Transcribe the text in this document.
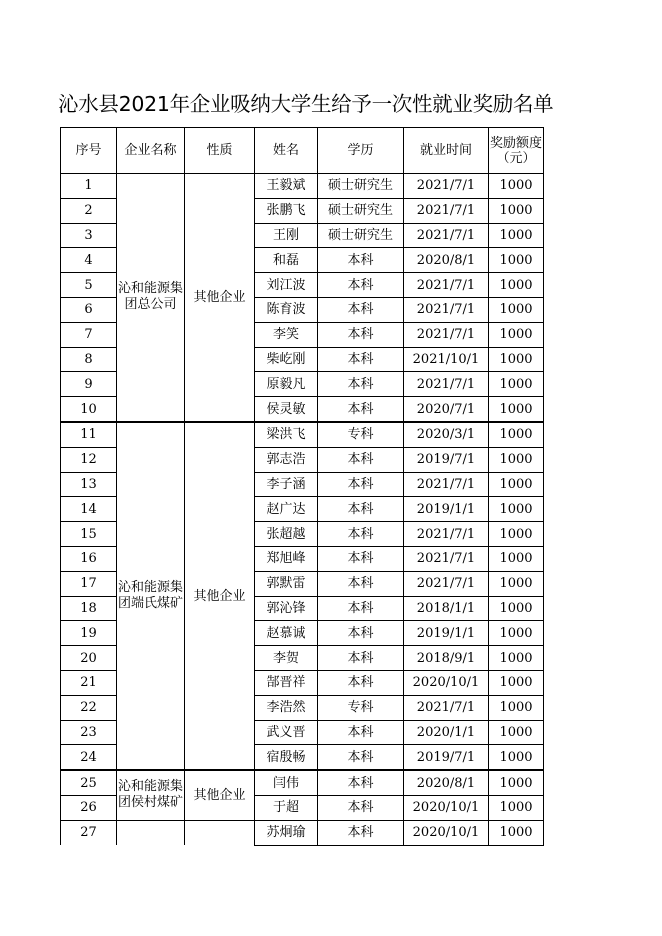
沁水县2021年企业吸纳大学生给予一次性就业奖励名单
序号	企业名称	性质	姓名	学历	就业时间	奖励额度（元）

1	沁和能源集团总公司	其他企业	王毅斌	硕士研究生	2021/7/1	1000
2			张鹏飞	硕士研究生	2021/7/1	1000
3			王刚	硕士研究生	2021/7/1	1000
4			和磊	本科	2020/8/1	1000
5			刘江波	本科	2021/7/1	1000
6			陈育波	本科	2021/7/1	1000
7			李笑	本科	2021/7/1	1000
8			柴屹刚	本科	2021/10/1	1000
9			原毅凡	本科	2021/7/1	1000
10			侯灵敏	本科	2020/7/1	1000
11	沁和能源集团端氏煤矿	其他企业	梁洪飞	专科	2020/3/1	1000
12			郭志浩	本科	2019/7/1	1000
13			李子涵	本科	2021/7/1	1000
14			赵广达	本科	2019/1/1	1000
15			张超越	本科	2021/7/1	1000
16			郑旭峰	本科	2021/7/1	1000
17			郭默雷	本科	2021/7/1	1000
18			郭沁锋	本科	2018/1/1	1000
19			赵慕诚	本科	2019/1/1	1000
20			李贺	本科	2018/9/1	1000
21			郜晋祥	本科	2020/10/1	1000
22			李浩然	专科	2021/7/1	1000
23			武义晋	本科	2020/1/1	1000
24			宿殷畅	本科	2019/7/1	1000
25	沁和能源集团侯村煤矿	其他企业	闫伟	本科	2020/8/1	1000
26			于超	本科	2020/10/1	1000
27			苏炯瑜	本科	2020/10/1	1000
